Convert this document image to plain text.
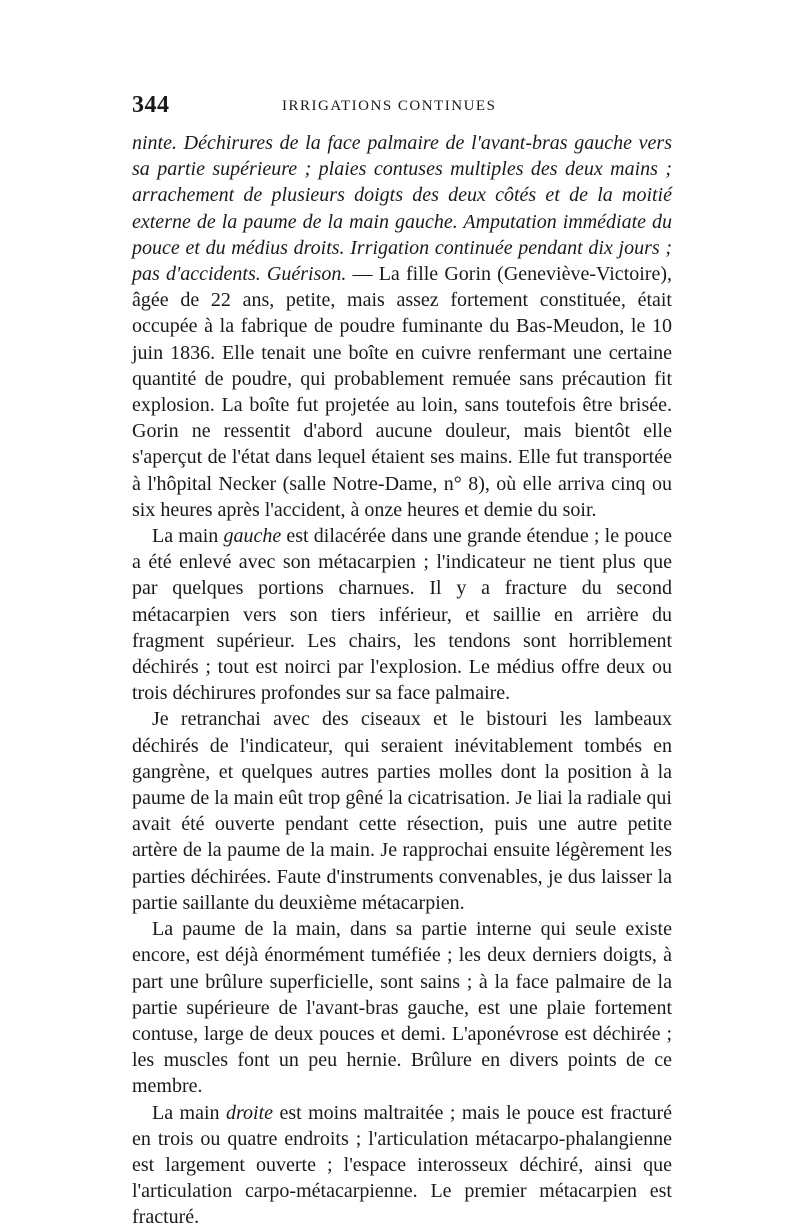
344	IRRIGATIONS CONTINUES

ninte. Déchirures de la face palmaire de l'avant-bras gauche vers sa partie supérieure ; plaies contuses multiples des deux mains ; arrachement de plusieurs doigts des deux côtés et de la moitié externe de la paume de la main gauche. Amputation immédiate du pouce et du médius droits. Irrigation continuée pendant dix jours ; pas d'accidents. Guérison. — La fille Gorin (Geneviève-Victoire), âgée de 22 ans, petite, mais assez fortement constituée, était occupée à la fabrique de poudre fuminante du Bas-Meudon, le 10 juin 1836. Elle tenait une boîte en cuivre renfermant une certaine quantité de poudre, qui probablement remuée sans précaution fit explosion. La boîte fut projetée au loin, sans toutefois être brisée. Gorin ne ressentit d'abord aucune douleur, mais bientôt elle s'aperçut de l'état dans lequel étaient ses mains. Elle fut transportée à l'hôpital Necker (salle Notre-Dame, n° 8), où elle arriva cinq ou six heures après l'accident, à onze heures et demie du soir.

La main gauche est dilacérée dans une grande étendue ; le pouce a été enlevé avec son métacarpien ; l'indicateur ne tient plus que par quelques portions charnues. Il y a fracture du second métacarpien vers son tiers inférieur, et saillie en arrière du fragment supérieur. Les chairs, les tendons sont horriblement déchirés ; tout est noirci par l'explosion. Le médius offre deux ou trois déchirures profondes sur sa face palmaire.

Je retranchai avec des ciseaux et le bistouri les lambeaux déchirés de l'indicateur, qui seraient inévitablement tombés en gangrène, et quelques autres parties molles dont la position à la paume de la main eût trop gêné la cicatrisation. Je liai la radiale qui avait été ouverte pendant cette résection, puis une autre petite artère de la paume de la main. Je rapprochai ensuite légèrement les parties déchirées. Faute d'instruments convenables, je dus laisser la partie saillante du deuxième métacarpien.

La paume de la main, dans sa partie interne qui seule existe encore, est déjà énormément tuméfiée ; les deux derniers doigts, à part une brûlure superficielle, sont sains ; à la face palmaire de la partie supérieure de l'avant-bras gauche, est une plaie fortement contuse, large de deux pouces et demi. L'aponévrose est déchirée ; les muscles font un peu hernie. Brûlure en divers points de ce membre.

La main droite est moins maltraitée ; mais le pouce est fracturé en trois ou quatre endroits ; l'articulation métacarpo-phalangienne est largement ouverte ; l'espace interosseux déchiré, ainsi que l'articulation carpo-métacarpienne. Le premier métacarpien est fracturé.
